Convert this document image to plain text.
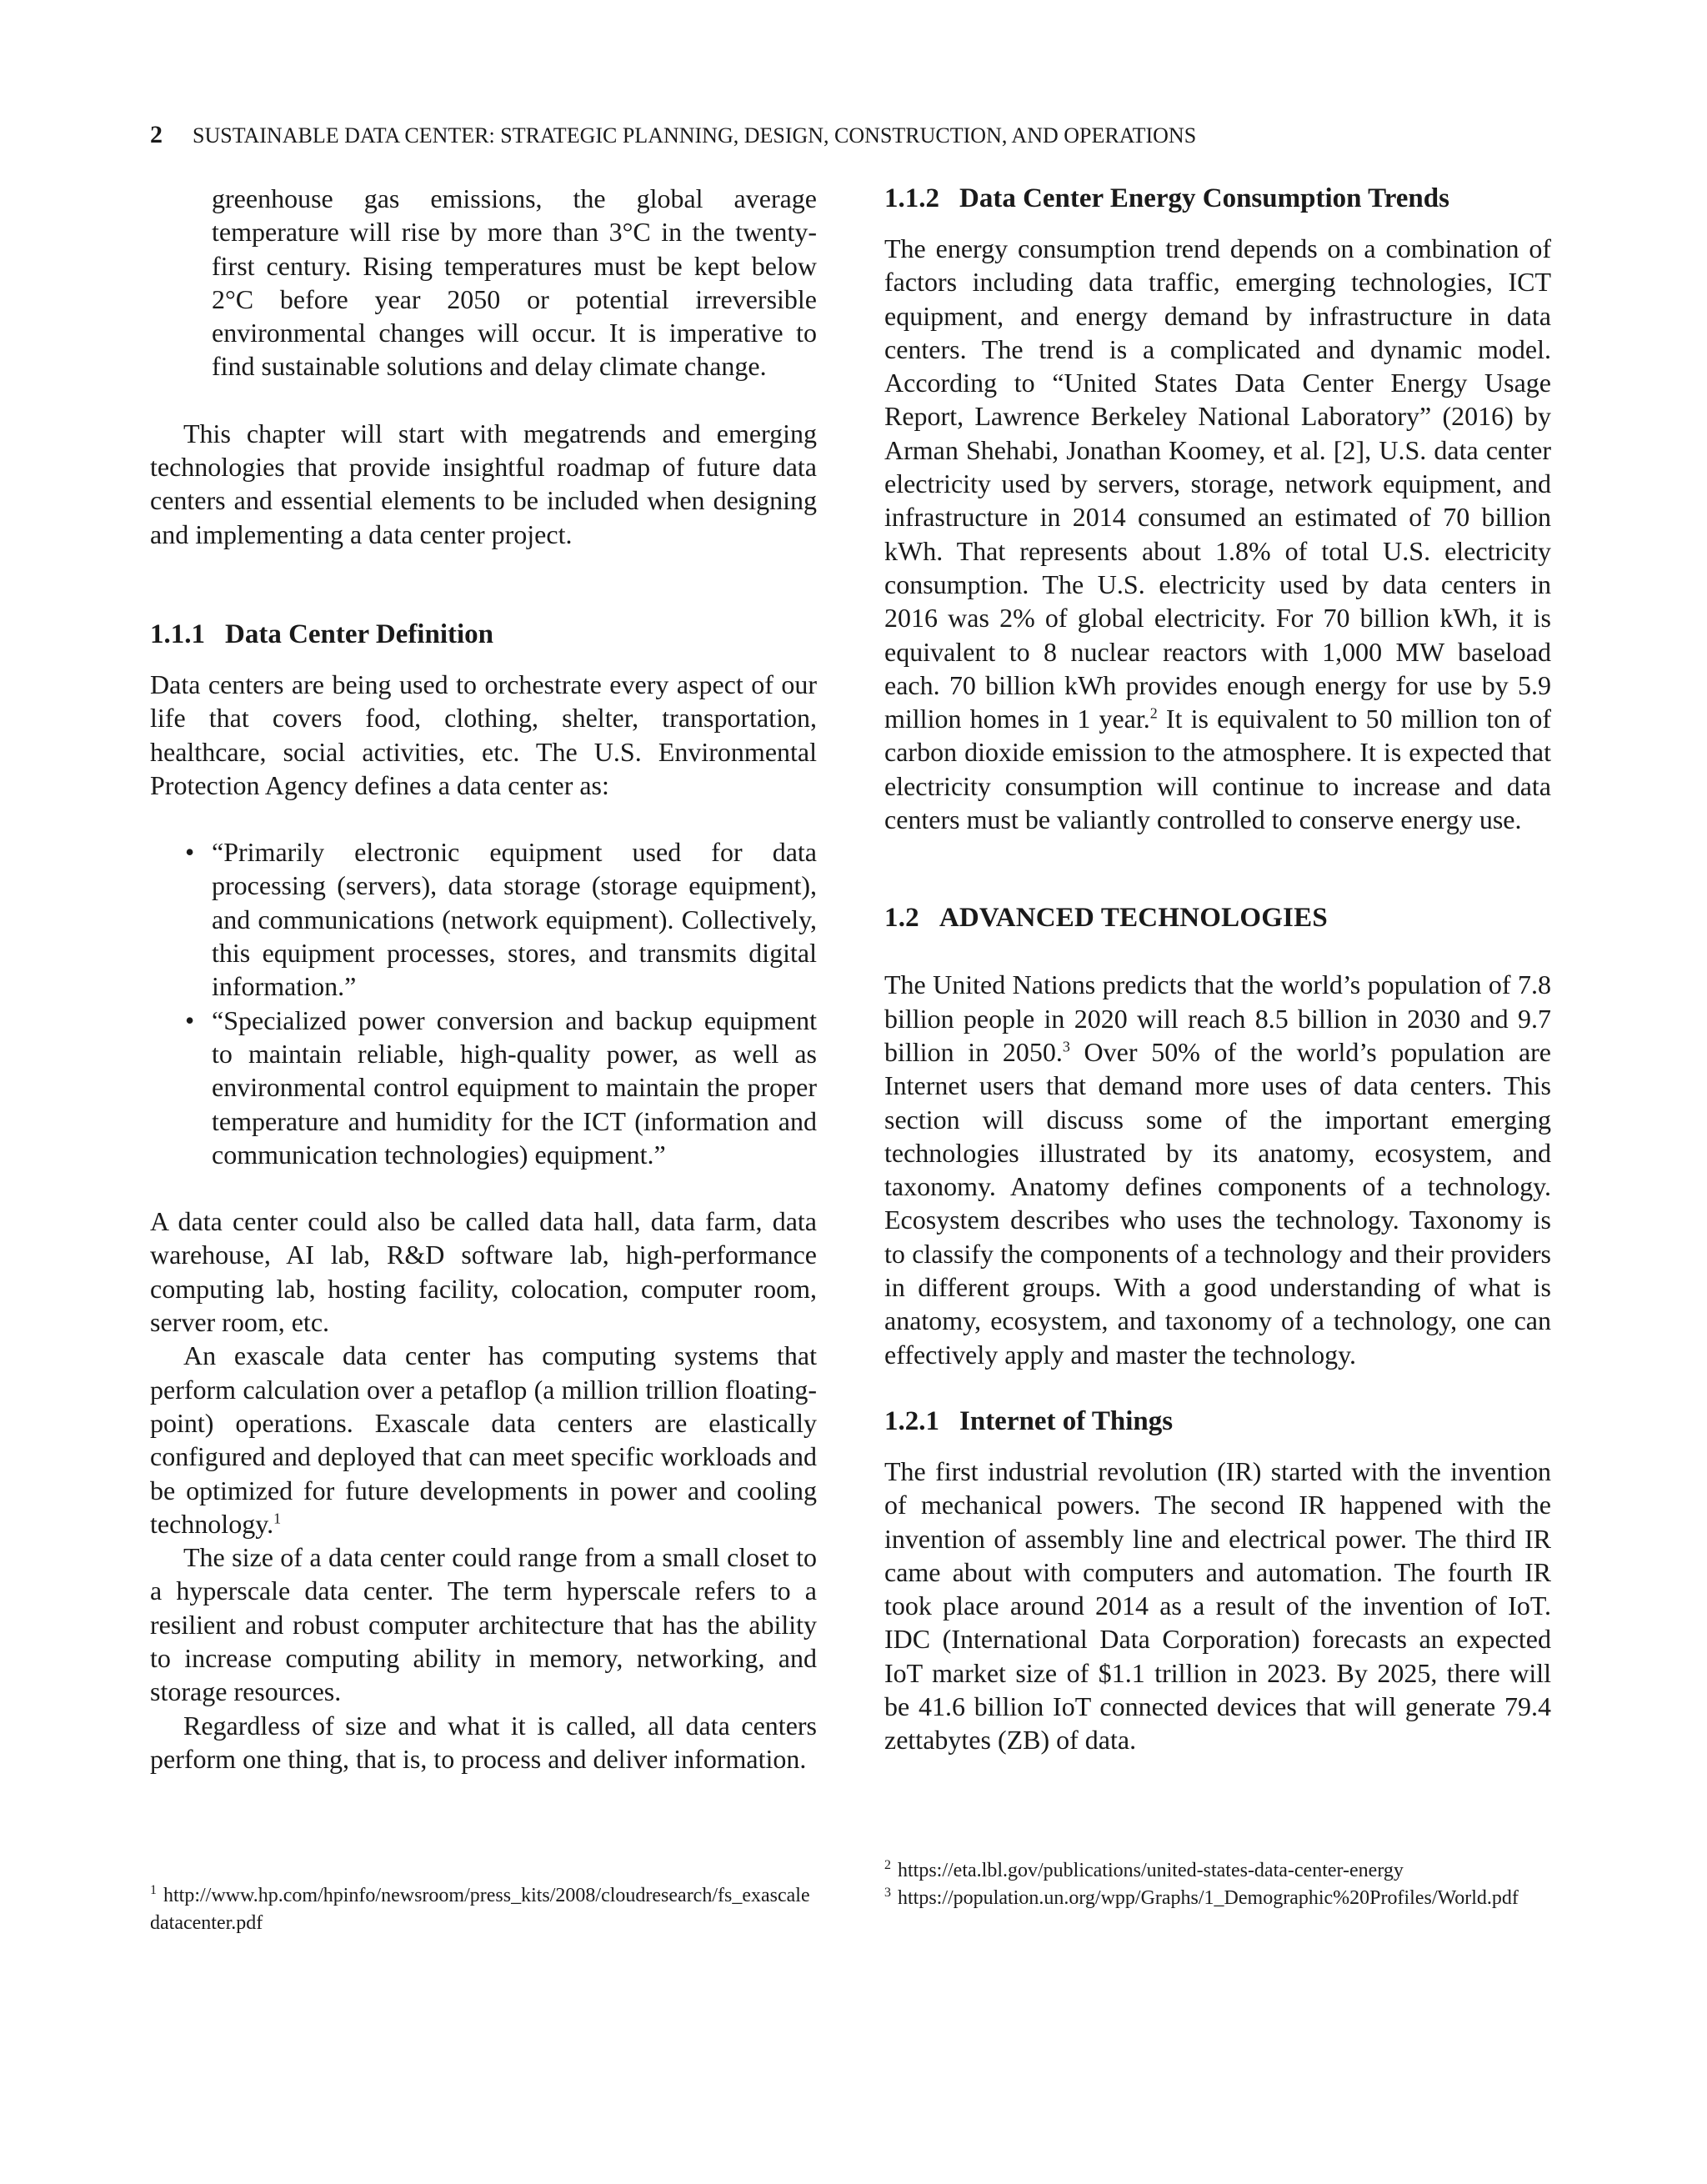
2 SUSTAINABLE DATA CENTER: STRATEGIC PLANNING, DESIGN, CONSTRUCTION, AND OPERATIONS

greenhouse gas emissions, the global average temperature will rise by more than 3°C in the twenty-first century. Rising temperatures must be kept below 2°C before year 2050 or potential irreversible environmental changes will occur. It is imperative to find sustainable solutions and delay climate change.

This chapter will start with megatrends and emerging technologies that provide insightful roadmap of future data centers and essential elements to be included when designing and implementing a data center project.

1.1.1 Data Center Definition

Data centers are being used to orchestrate every aspect of our life that covers food, clothing, shelter, transportation, healthcare, social activities, etc. The U.S. Environmental Protection Agency defines a data center as:

• “Primarily electronic equipment used for data processing (servers), data storage (storage equipment), and communications (network equipment). Collectively, this equipment processes, stores, and transmits digital information.”
• “Specialized power conversion and backup equipment to maintain reliable, high-quality power, as well as environmental control equipment to maintain the proper temperature and humidity for the ICT (information and communication technologies) equipment.”

A data center could also be called data hall, data farm, data warehouse, AI lab, R&D software lab, high-performance computing lab, hosting facility, colocation, computer room, server room, etc.

An exascale data center has computing systems that perform calculation over a petaflop (a million trillion floating-point) operations. Exascale data centers are elastically configured and deployed that can meet specific workloads and be optimized for future developments in power and cooling technology.$^1$

The size of a data center could range from a small closet to a hyperscale data center. The term hyperscale refers to a resilient and robust computer architecture that has the ability to increase computing ability in memory, networking, and storage resources.

Regardless of size and what it is called, all data centers perform one thing, that is, to process and deliver information.

$^1$ http://www.hp.com/hpinfo/newsroom/press_kits/2008/cloudresearch/fs_exascaledatacenter.pdf
1.1.2 Data Center Energy Consumption Trends

The energy consumption trend depends on a combination of factors including data traffic, emerging technologies, ICT equipment, and energy demand by infrastructure in data centers. The trend is a complicated and dynamic model. According to “United States Data Center Energy Usage Report, Lawrence Berkeley National Laboratory” (2016) by Arman Shehabi, Jonathan Koomey, et al. [2], U.S. data center electricity used by servers, storage, network equipment, and infrastructure in 2014 consumed an estimated of 70 billion kWh. That represents about 1.8% of total U.S. electricity consumption. The U.S. electricity used by data centers in 2016 was 2% of global electricity. For 70 billion kWh, it is equivalent to 8 nuclear reactors with 1,000 MW baseload each. 70 billion kWh provides enough energy for use by 5.9 million homes in 1 year.$^2$ It is equivalent to 50 million ton of carbon dioxide emission to the atmosphere. It is expected that electricity consumption will continue to increase and data centers must be valiantly controlled to conserve energy use.

1.2 ADVANCED TECHNOLOGIES

The United Nations predicts that the world’s population of 7.8 billion people in 2020 will reach 8.5 billion in 2030 and 9.7 billion in 2050.$^3$ Over 50% of the world’s population are Internet users that demand more uses of data centers. This section will discuss some of the important emerging technologies illustrated by its anatomy, ecosystem, and taxonomy. Anatomy defines components of a technology. Ecosystem describes who uses the technology. Taxonomy is to classify the components of a technology and their providers in different groups. With a good understanding of what is anatomy, ecosystem, and taxonomy of a technology, one can effectively apply and master the technology.

1.2.1 Internet of Things

The first industrial revolution (IR) started with the invention of mechanical powers. The second IR happened with the invention of assembly line and electrical power. The third IR came about with computers and automation. The fourth IR took place around 2014 as a result of the invention of IoT. IDC (International Data Corporation) forecasts an expected IoT market size of $1.1 trillion in 2023. By 2025, there will be 41.6 billion IoT connected devices that will generate 79.4 zettabytes (ZB) of data.

$^2$ https://eta.lbl.gov/publications/united-states-data-center-energy
$^3$ https://population.un.org/wpp/Graphs/1_Demographic%20Profiles/World.pdf
